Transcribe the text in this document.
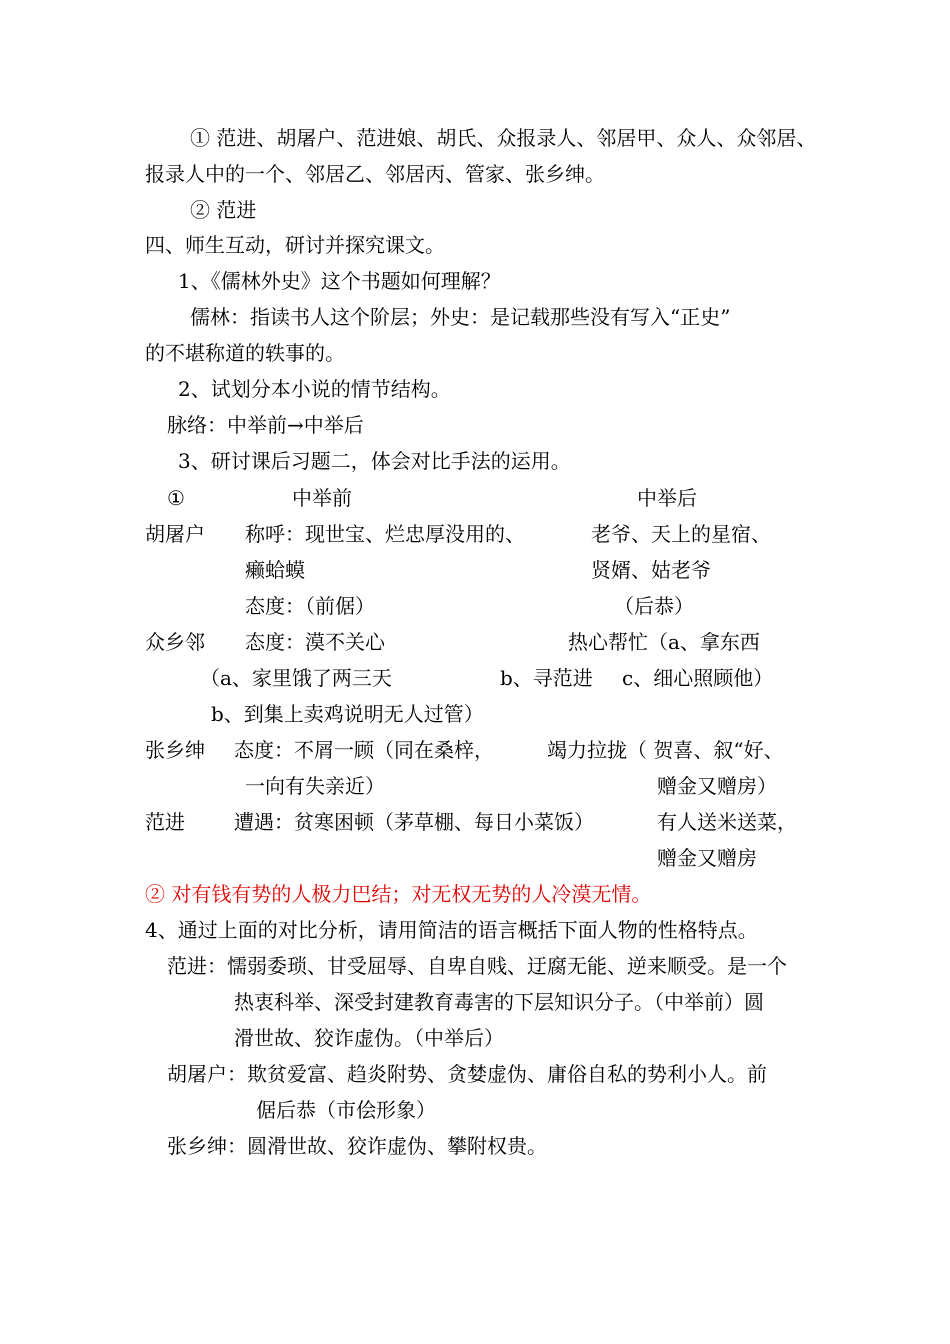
① 范进、胡屠户、范进娘、胡氏、众报录人、邻居甲、众人、众邻居、
报录人中的一个、邻居乙、邻居丙、管家、张乡绅。
② 范进
四、师生互动，研讨并探究课文。
1、《儒林外史》这个书题如何理解？
儒林：指读书人这个阶层；外史：是记载那些没有写入“正史”
的不堪称道的轶事的。
2、试划分本小说的情节结构。
脉络：中举前→中举后
3、研讨课后习题二，体会对比手法的运用。
①	中举前	中举后
胡屠户 称呼：现世宝、烂忠厚没用的、	老爷、天上的星宿、
癞蛤蟆	贤婿、姑老爷
态度：（前倨）	（后恭）
众乡邻 态度：漠不关心	热心帮忙（a、拿东西
（a、家里饿了两三天	b、寻范进 c、细心照顾他）
b、到集上卖鸡说明无人过管）
张乡绅 态度：不屑一顾（同在桑梓，	竭力拉拢（ 贺喜、叙“好、
一向有失亲近）	赠金又赠房）
范进 遭遇：贫寒困顿（茅草棚、每日小菜饭）	有人送米送菜，
赠金又赠房
② 对有钱有势的人极力巴结；对无权无势的人冷漠无情。
4、通过上面的对比分析，请用简洁的语言概括下面人物的性格特点。
范进：懦弱委琐、甘受屈辱、自卑自贱、迂腐无能、逆来顺受。是一个
热衷科举、深受封建教育毒害的下层知识分子。（中举前）圆
滑世故、狡诈虚伪。（中举后）
胡屠户：欺贫爱富、趋炎附势、贪婪虚伪、庸俗自私的势利小人。前
倨后恭（市侩形象）
张乡绅：圆滑世故、狡诈虚伪、攀附权贵。
